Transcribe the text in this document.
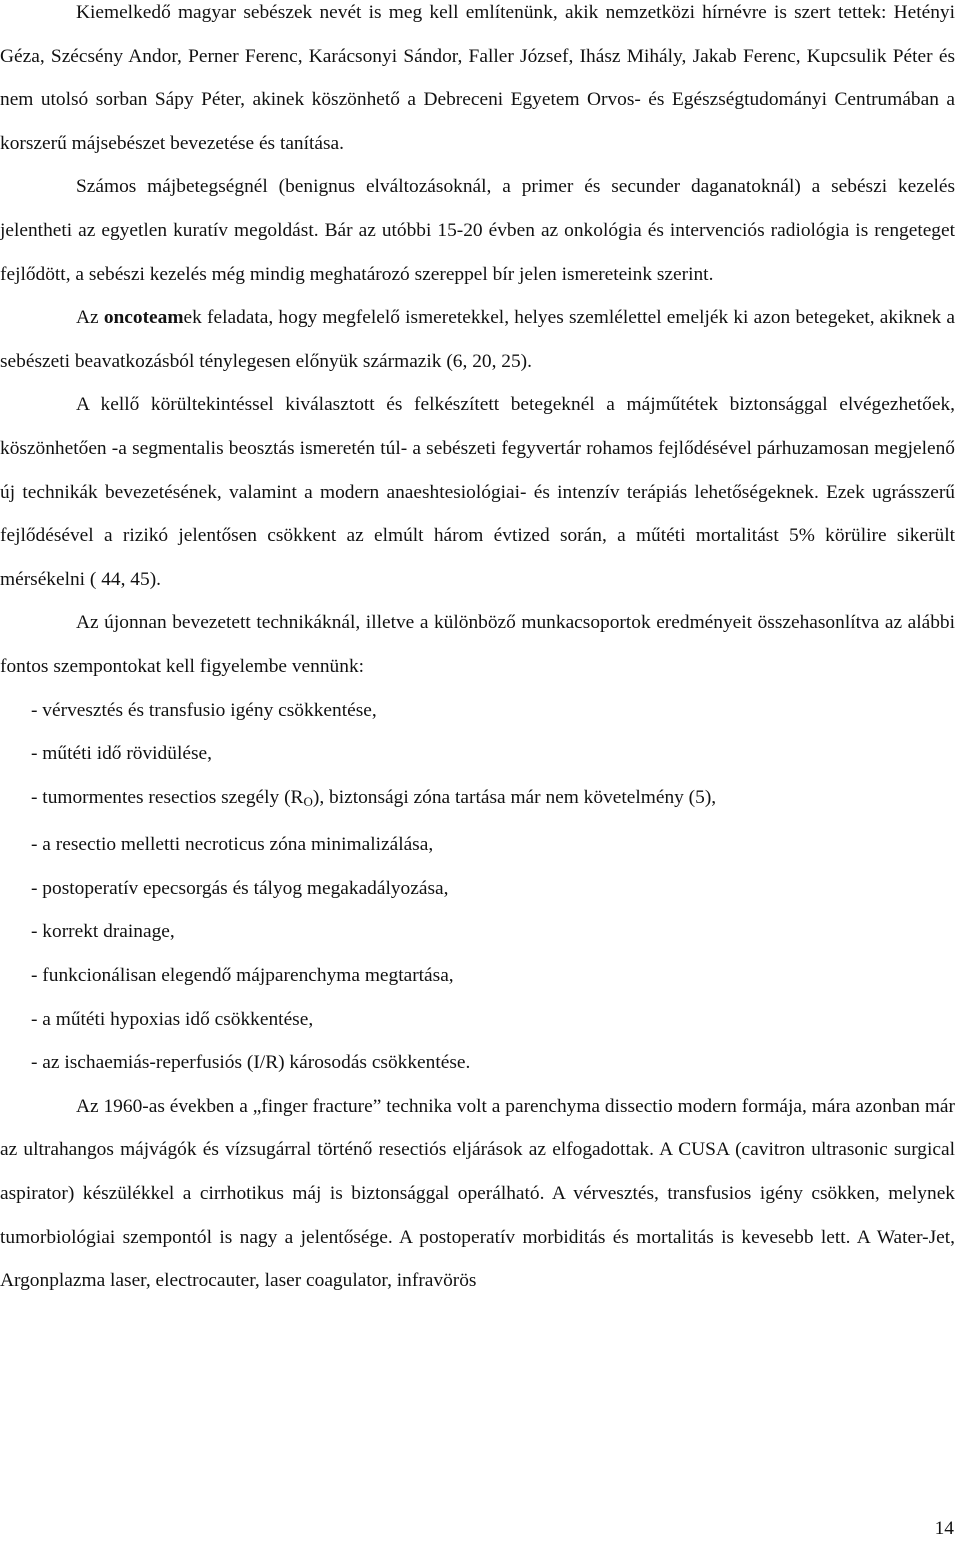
Kiemelkedő magyar sebészek nevét is meg kell említenünk, akik nemzetközi hírnévre is szert tettek: Hetényi Géza, Szécsény Andor, Perner Ferenc, Karácsonyi Sándor, Faller József, Ihász Mihály, Jakab Ferenc, Kupcsulik Péter és nem utolsó sorban Sápy Péter, akinek köszönhető a Debreceni Egyetem Orvos- és Egészségtudományi Centrumában a korszerű májsebészet bevezetése és tanítása.

Számos májbetegségnél (benignus elváltozásoknál, a primer és secunder daganatoknál) a sebészi kezelés jelentheti az egyetlen kuratív megoldást. Bár az utóbbi 15-20 évben az onkológia és intervenciós radiológia is rengeteget fejlődött, a sebészi kezelés még mindig meghatározó szereppel bír jelen ismereteink szerint.

Az oncoteamek feladata, hogy megfelelő ismeretekkel, helyes szemlélettel emeljék ki azon betegeket, akiknek a sebészeti beavatkozásból ténylegesen előnyük származik (6, 20, 25).

A kellő körültekintéssel kiválasztott és felkészített betegeknél a májműtétek biztonsággal elvégezhetőek, köszönhetően -a segmentalis beosztás ismeretén túl- a sebészeti fegyvertár rohamos fejlődésével párhuzamosan megjelenő új technikák bevezetésének, valamint a modern anaeshtesiológiai- és intenzív terápiás lehetőségeknek. Ezek ugrásszerű fejlődésével a rizikó jelentősen csökkent az elmúlt három évtized során, a műtéti mortalitást 5% körülire sikerült mérsékelni ( 44, 45).

Az újonnan bevezetett technikáknál, illetve a különböző munkacsoportok eredményeit összehasonlítva az alábbi fontos szempontokat kell figyelembe vennünk:

- vérvesztés és transfusio igény csökkentése,
- műtéti idő rövidülése,
- tumormentes resectios szegély $(R_O)$, biztonsági zóna tartása már nem követelmény (5),
- a resectio melletti necroticus zóna minimalizálása,
- postoperatív epecsorgás és tályog megakadályozása,
- korrekt drainage,
- funkcionálisan elegendő májparenchyma megtartása,
- a műtéti hypoxias idő csökkentése,
- az ischaemiás-reperfusiós (I/R) károsodás csökkentése.

Az 1960-as években a „finger fracture” technika volt a parenchyma dissectio modern formája, mára azonban már az ultrahangos májvágók és vízsugárral történő resectiós eljárások az elfogadottak. A CUSA (cavitron ultrasonic surgical aspirator) készülékkel a cirrhotikus máj is biztonsággal operálható. A vérvesztés, transfusios igény csökken, melynek tumorbiológiai szempontól is nagy a jelentősége. A postoperatív morbiditás és mortalitás is kevesebb lett. A Water-Jet, Argonplazma laser, electrocauter, laser coagulator, infravörös

14
